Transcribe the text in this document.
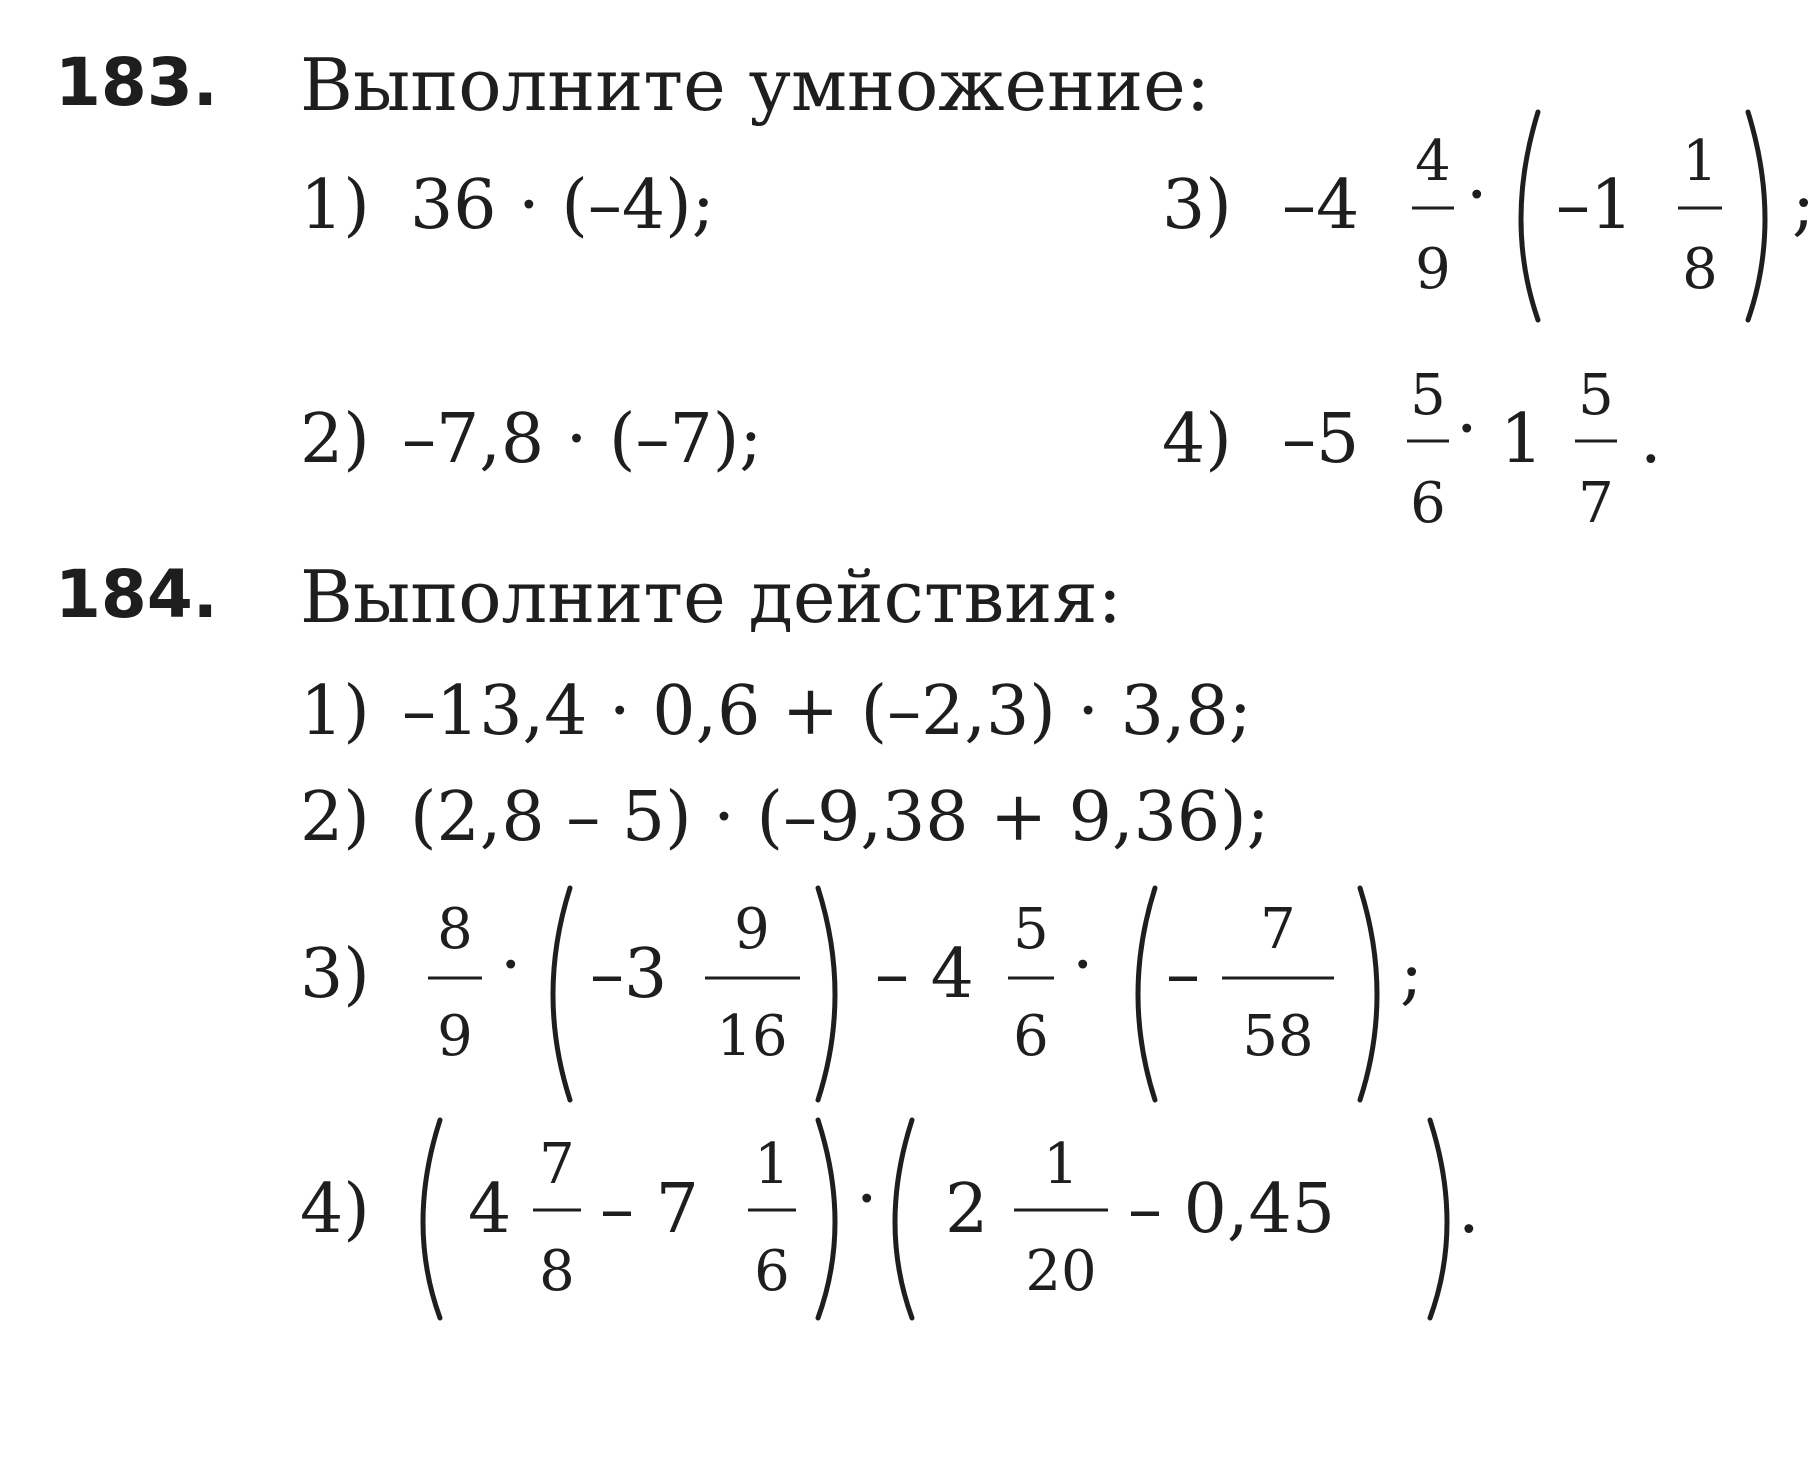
183. Выполните умножение:
1) 36 · (–4);
2) –7,8 · (–7);
3) –4
4
9
· –1
1
8
;
4) –5
5
6
· 1
5
7
.
184. Выполните действия:
1) –13,4 · 0,6 + (–2,3) · 3,8;
2) (2,8 – 5) · (–9,38 + 9,36);
3)
8
9
· –3
9
16
– 4
5
6
· –
7
58
;
4) 4
7
8
– 7
1
6
· 2
1
20
– 0,45 .
